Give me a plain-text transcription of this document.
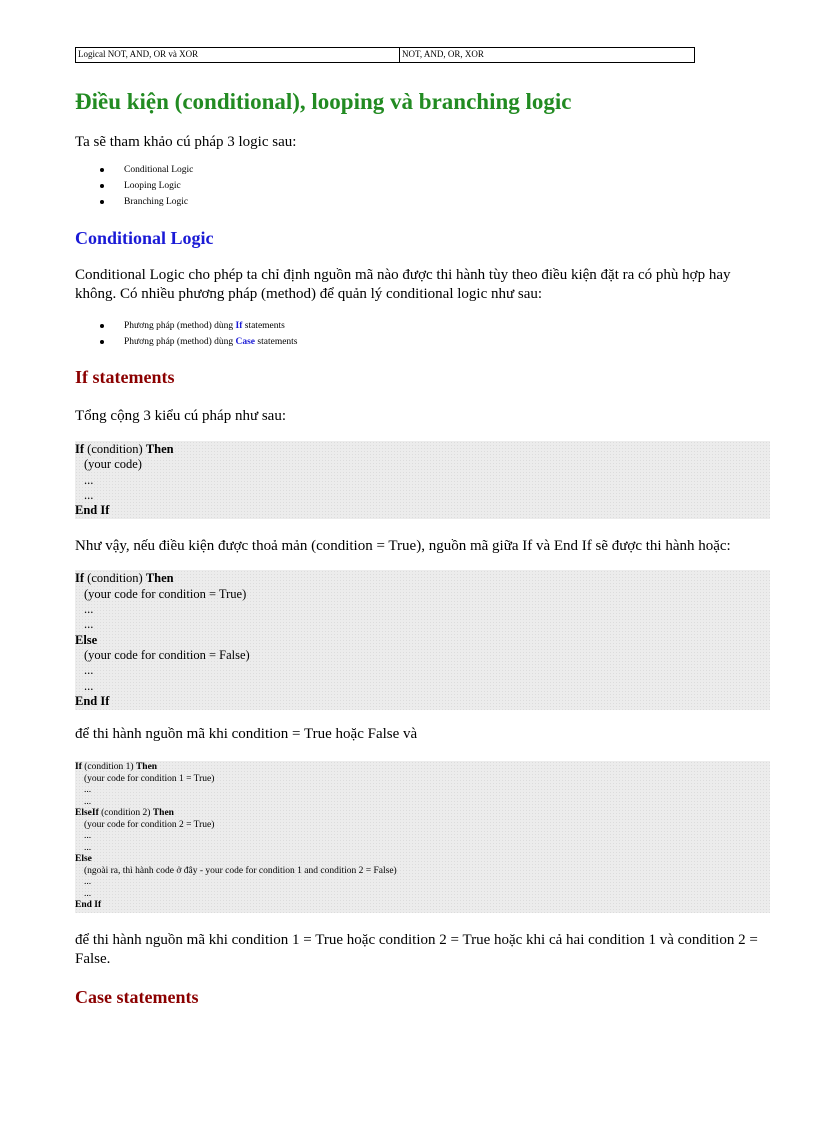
Logical NOT, AND, OR và XOR	NOT, AND, OR, XOR
Điều kiện (conditional), looping và branching logic

Ta sẽ tham khảo cú pháp 3 logic sau:

Conditional Logic
Looping Logic
Branching Logic
Conditional Logic

Conditional Logic cho phép ta chỉ định nguồn mã nào được thi hành tùy theo điều kiện đặt ra có phù hợp hay không. Có nhiều phương pháp (method) để quản lý conditional logic như sau:

Phương pháp (method) dùng If statements
Phương pháp (method) dùng Case statements
If statements

Tổng cộng 3 kiểu cú pháp như sau:

If (condition) Then
(your code)
...
...
End If

Như vậy, nếu điều kiện được thoả mản (condition = True), nguồn mã giữa If và End If sẽ được thi hành hoặc:

If (condition) Then
(your code for condition = True)
...
...
Else
(your code for condition = False)
...
...
End If

để thi hành nguồn mã khi condition = True hoặc False và

If (condition 1) Then
(your code for condition 1 = True)
...
...
ElseIf (condition 2) Then
(your code for condition 2 = True)
...
...
Else
(ngoài ra, thì hành code ở đây - your code for condition 1 and condition 2 = False)
...
...
End If

để thi hành nguồn mã khi condition 1 = True hoặc condition 2 = True hoặc khi cả hai condition 1 và condition 2 = False.

Case statements
